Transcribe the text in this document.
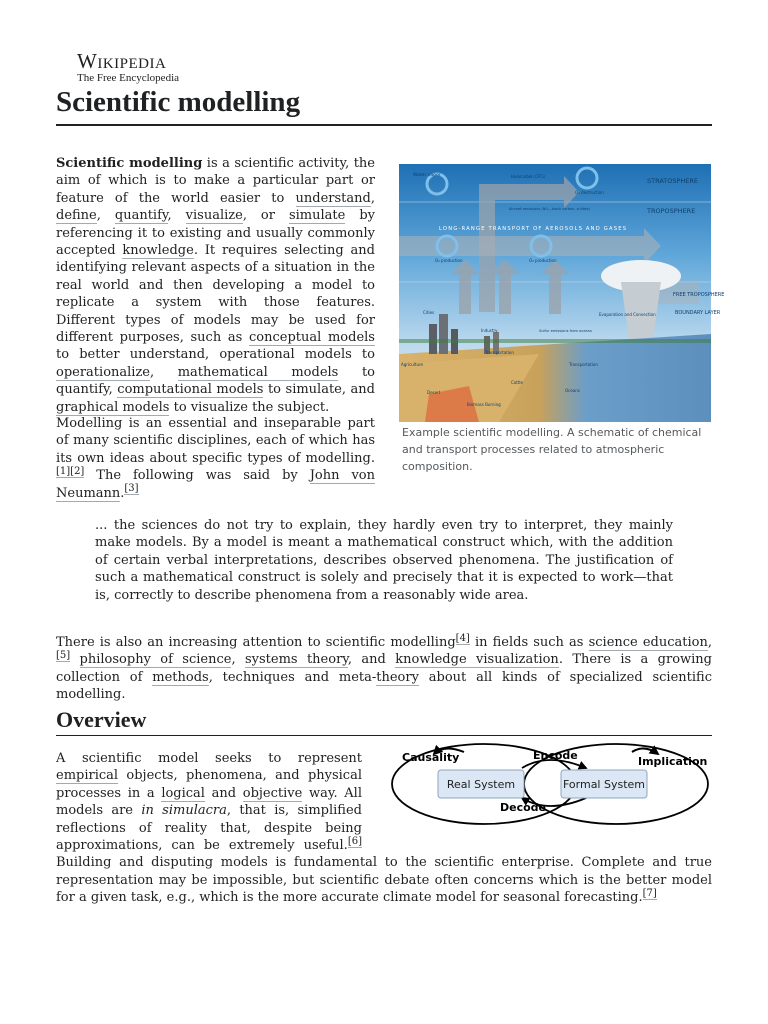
Wikipedia
The Free Encyclopedia
Scientific modelling
Scientific modelling is a scientific activity, the aim of which is to make a particular part or feature of the world easier to understand, define, quantify, visualize, or simulate by referencing it to existing and usually commonly accepted knowledge. It requires selecting and identifying relevant aspects of a situation in the real world and then developing a model to replicate a system with those features. Different types of models may be used for different purposes, such as conceptual models to better understand, operational models to operationalize, mathematical models to quantify, computational models to simulate, and graphical models to visualize the subject.
Modelling is an essential and inseparable part of many scientific disciplines, each of which has its own ideas about specific types of modelling.[1][2] The following was said by John von Neumann.[3]
STRATOSPHERE
TROPOSPHERE
LONG-RANGE TRANSPORT OF AEROSOLS AND GASES
Water vapor	Halocarbon CFCs
O₃ destruction
Aircraft emissions (NOₓ, black carbon, sulfate)
O₃ production	O₃ production
FREE TROPOSPHERE
BOUNDARY LAYER
Evaporation and Convection
Sulfur emissions from oceans
Cities
Industry
Transportation
Transportation
Agriculture
Cattle
Desert
Biomass Burning
Oceans
Example scientific modelling. A schematic of chemical and transport processes related to atmospheric composition.
... the sciences do not try to explain, they hardly even try to interpret, they mainly make models. By a model is meant a mathematical construct which, with the addition of certain verbal interpretations, describes observed phenomena. The justification of such a mathematical construct is solely and precisely that it is expected to work—that is, correctly to describe phenomena from a reasonably wide area.
There is also an increasing attention to scientific modelling[4] in fields such as science education,[5] philosophy of science, systems theory, and knowledge visualization. There is a growing collection of methods, techniques and meta-theory about all kinds of specialized scientific modelling.
Overview
A scientific model seeks to represent empirical objects, phenomena, and physical processes in a logical and objective way. All models are in simulacra, that is, simplified reflections of reality that, despite being approximations, can be extremely useful.[6] Building and disputing models is fundamental to the scientific enterprise. Complete and true representation may be impossible, but scientific debate often concerns which is the better model for a given task, e.g., which is the more accurate climate model for seasonal forecasting.[7]
Real System	Formal System
Causality	Encode	Implication
Decode
